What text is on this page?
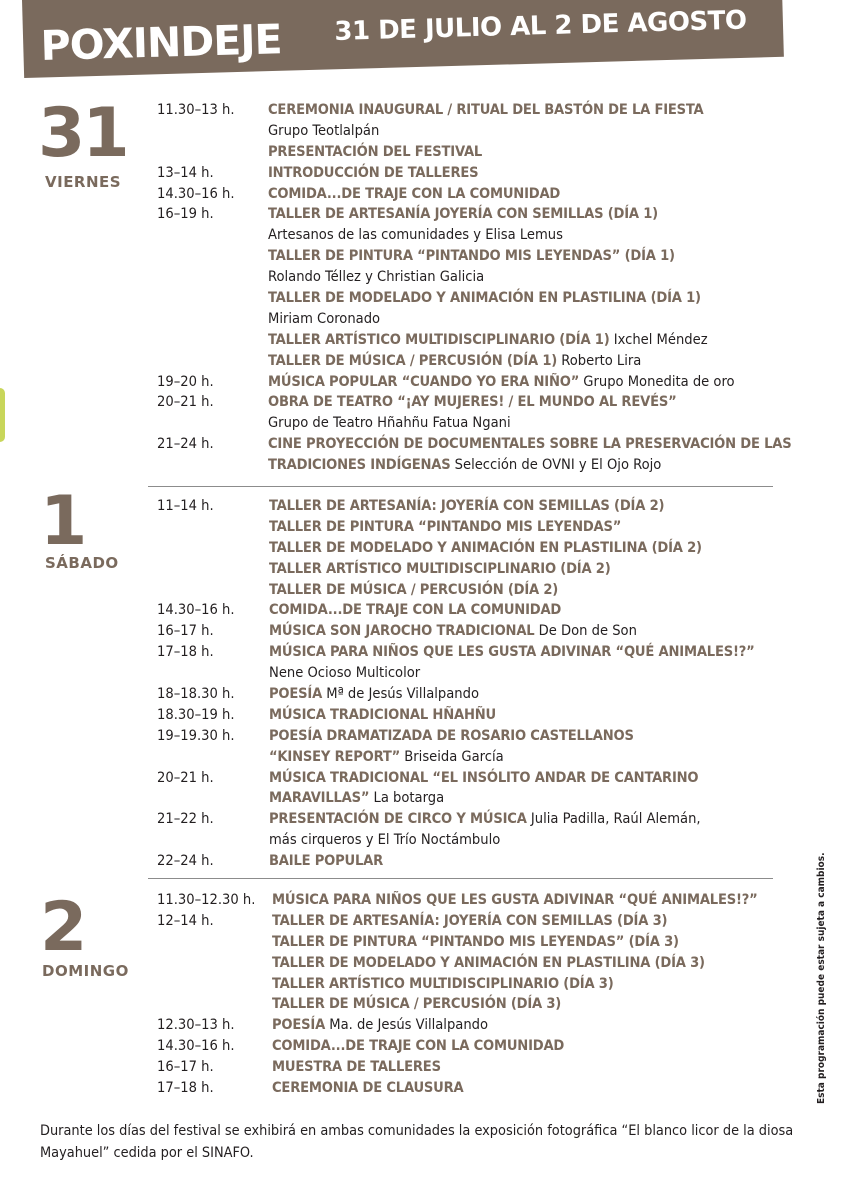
POXINDEJE 31 DE JULIO AL 2 DE AGOSTO
31
VIERNES
11.30–13 h. CEREMONIA INAUGURAL / RITUAL DEL BASTÓN DE LA FIESTA
Grupo Teotlalpán
PRESENTACIÓN DEL FESTIVAL
13–14 h.	INTRODUCCIÓN DE TALLERES
14.30–16 h. COMIDA...DE TRAJE CON LA COMUNIDAD
16–19 h.	TALLER DE ARTESANÍA JOYERÍA CON SEMILLAS (DÍA 1)
Artesanos de las comunidades y Elisa Lemus
TALLER DE PINTURA “PINTANDO MIS LEYENDAS” (DÍA 1)
Rolando Téllez y Christian Galicia
TALLER DE MODELADO Y ANIMACIÓN EN PLASTILINA (DÍA 1)
Miriam Coronado
TALLER ARTÍSTICO MULTIDISCIPLINARIO (DÍA 1) Ixchel Méndez
TALLER DE MÚSICA / PERCUSIÓN (DÍA 1) Roberto Lira
19–20 h.	MÚSICA POPULAR “CUANDO YO ERA NIÑO” Grupo Monedita de oro
20–21 h.	OBRA DE TEATRO “¡AY MUJERES! / EL MUNDO AL REVÉS”
Grupo de Teatro Hñahñu Fatua Ngani
21–24 h.	CINE PROYECCIÓN DE DOCUMENTALES SOBRE LA PRESERVACIÓN DE LAS
TRADICIONES INDÍGENAS Selección de OVNI y El Ojo Rojo
1
SÁBADO
11–14 h.	TALLER DE ARTESANÍA: JOYERÍA CON SEMILLAS (DÍA 2)
TALLER DE PINTURA “PINTANDO MIS LEYENDAS”
TALLER DE MODELADO Y ANIMACIÓN EN PLASTILINA (DÍA 2)
TALLER ARTÍSTICO MULTIDISCIPLINARIO (DÍA 2)
TALLER DE MÚSICA / PERCUSIÓN (DÍA 2)
14.30–16 h. COMIDA...DE TRAJE CON LA COMUNIDAD
16–17 h.	MÚSICA SON JAROCHO TRADICIONAL De Don de Son
17–18 h.	MÚSICA PARA NIÑOS QUE LES GUSTA ADIVINAR “QUÉ ANIMALES!?”
Nene Ocioso Multicolor
18–18.30 h. POESÍA Mª de Jesús Villalpando
18.30–19 h. MÚSICA TRADICIONAL HÑAHÑU
19–19.30 h. POESÍA DRAMATIZADA DE ROSARIO CASTELLANOS
“KINSEY REPORT” Briseida García
20–21 h.	MÚSICA TRADICIONAL “EL INSÓLITO ANDAR DE CANTARINO
MARAVILLAS” La botarga
21–22 h.	PRESENTACIÓN DE CIRCO Y MÚSICA Julia Padilla, Raúl Alemán,
más cirqueros y El Trío Noctámbulo
22–24 h.	BAILE POPULAR
2
DOMINGO
11.30–12.30 h. MÚSICA PARA NIÑOS QUE LES GUSTA ADIVINAR “QUÉ ANIMALES!?”
12–14 h.	TALLER DE ARTESANÍA: JOYERÍA CON SEMILLAS (DÍA 3)
TALLER DE PINTURA “PINTANDO MIS LEYENDAS” (DÍA 3)
TALLER DE MODELADO Y ANIMACIÓN EN PLASTILINA (DÍA 3)
TALLER ARTÍSTICO MULTIDISCIPLINARIO (DÍA 3)
TALLER DE MÚSICA / PERCUSIÓN (DÍA 3)
12.30–13 h.	POESÍA Ma. de Jesús Villalpando
14.30–16 h.	COMIDA...DE TRAJE CON LA COMUNIDAD
16–17 h.	MUESTRA DE TALLERES
17–18 h.	CEREMONIA DE CLAUSURA	Esta programación puede estar sujeta a cambios.
Durante los días del festival se exhibirá en ambas comunidades la exposición fotográfica “El blanco licor de la diosa Mayahuel” cedida por el SINAFO.
